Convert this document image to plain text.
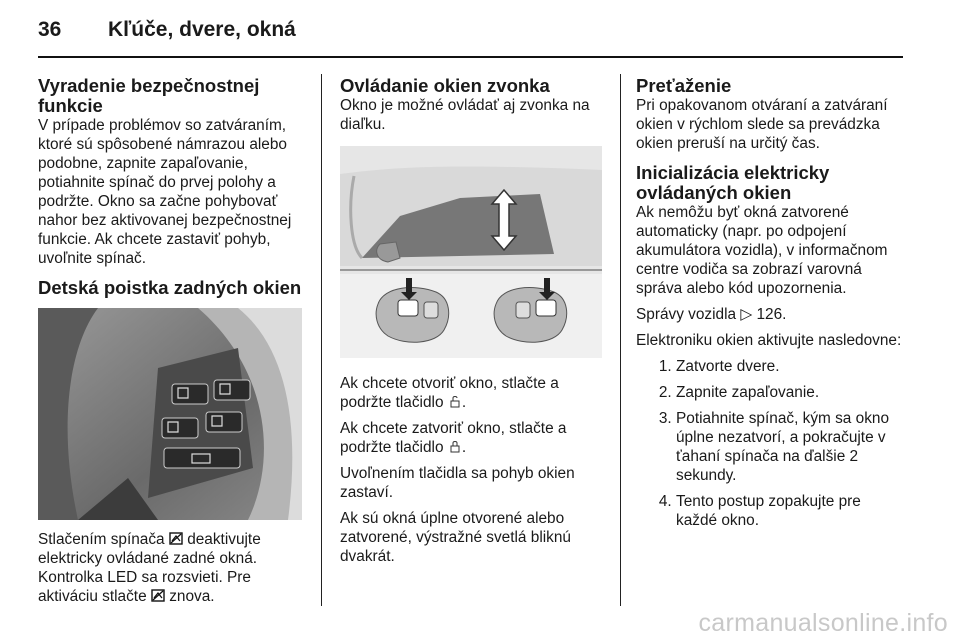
36 Kľúče, dvere, okná
Vyradenie bezpečnostnej funkcie

V prípade problémov so zatváraním, ktoré sú spôsobené námrazou alebo podobne, zapnite zapaľovanie, potiahnite spínač do prvej polohy a podržte. Okno sa začne pohybovať nahor bez aktivovanej bezpečnostnej funkcie. Ak chcete zastaviť pohyb, uvoľnite spínač.

Detská poistka zadných okien

Stlačením spínača deaktivujte elektricky ovládané zadné okná. Kontrolka LED sa rozsvieti. Pre aktiváciu stlačte znova.

Ovládanie okien zvonka

Okno je možné ovládať aj zvonka na diaľku.

Ak chcete otvoriť okno, stlačte a podržte tlačidlo .

Ak chcete zatvoriť okno, stlačte a podržte tlačidlo .

Uvoľnením tlačidla sa pohyb okien zastaví.

Ak sú okná úplne otvorené alebo zatvorené, výstražné svetlá bliknú dvakrát.

Preťaženie

Pri opakovanom otváraní a zatváraní okien v rýchlom slede sa prevádzka okien preruší na určitý čas.

Inicializácia elektricky ovládaných okien

Ak nemôžu byť okná zatvorené automaticky (napr. po odpojení akumulátora vozidla), v informačnom centre vodiča sa zobrazí varovná správa alebo kód upozornenia.

Správy vozidla ▷ 126.

Elektroniku okien aktivujte nasledovne:

1. Zatvorte dvere.
2. Zapnite zapaľovanie.
3. Potiahnite spínač, kým sa okno úplne nezatvorí, a pokračujte v ťahaní spínača na ďalšie 2 sekundy.
4. Tento postup zopakujte pre každé okno.
carmanualsonline.info
